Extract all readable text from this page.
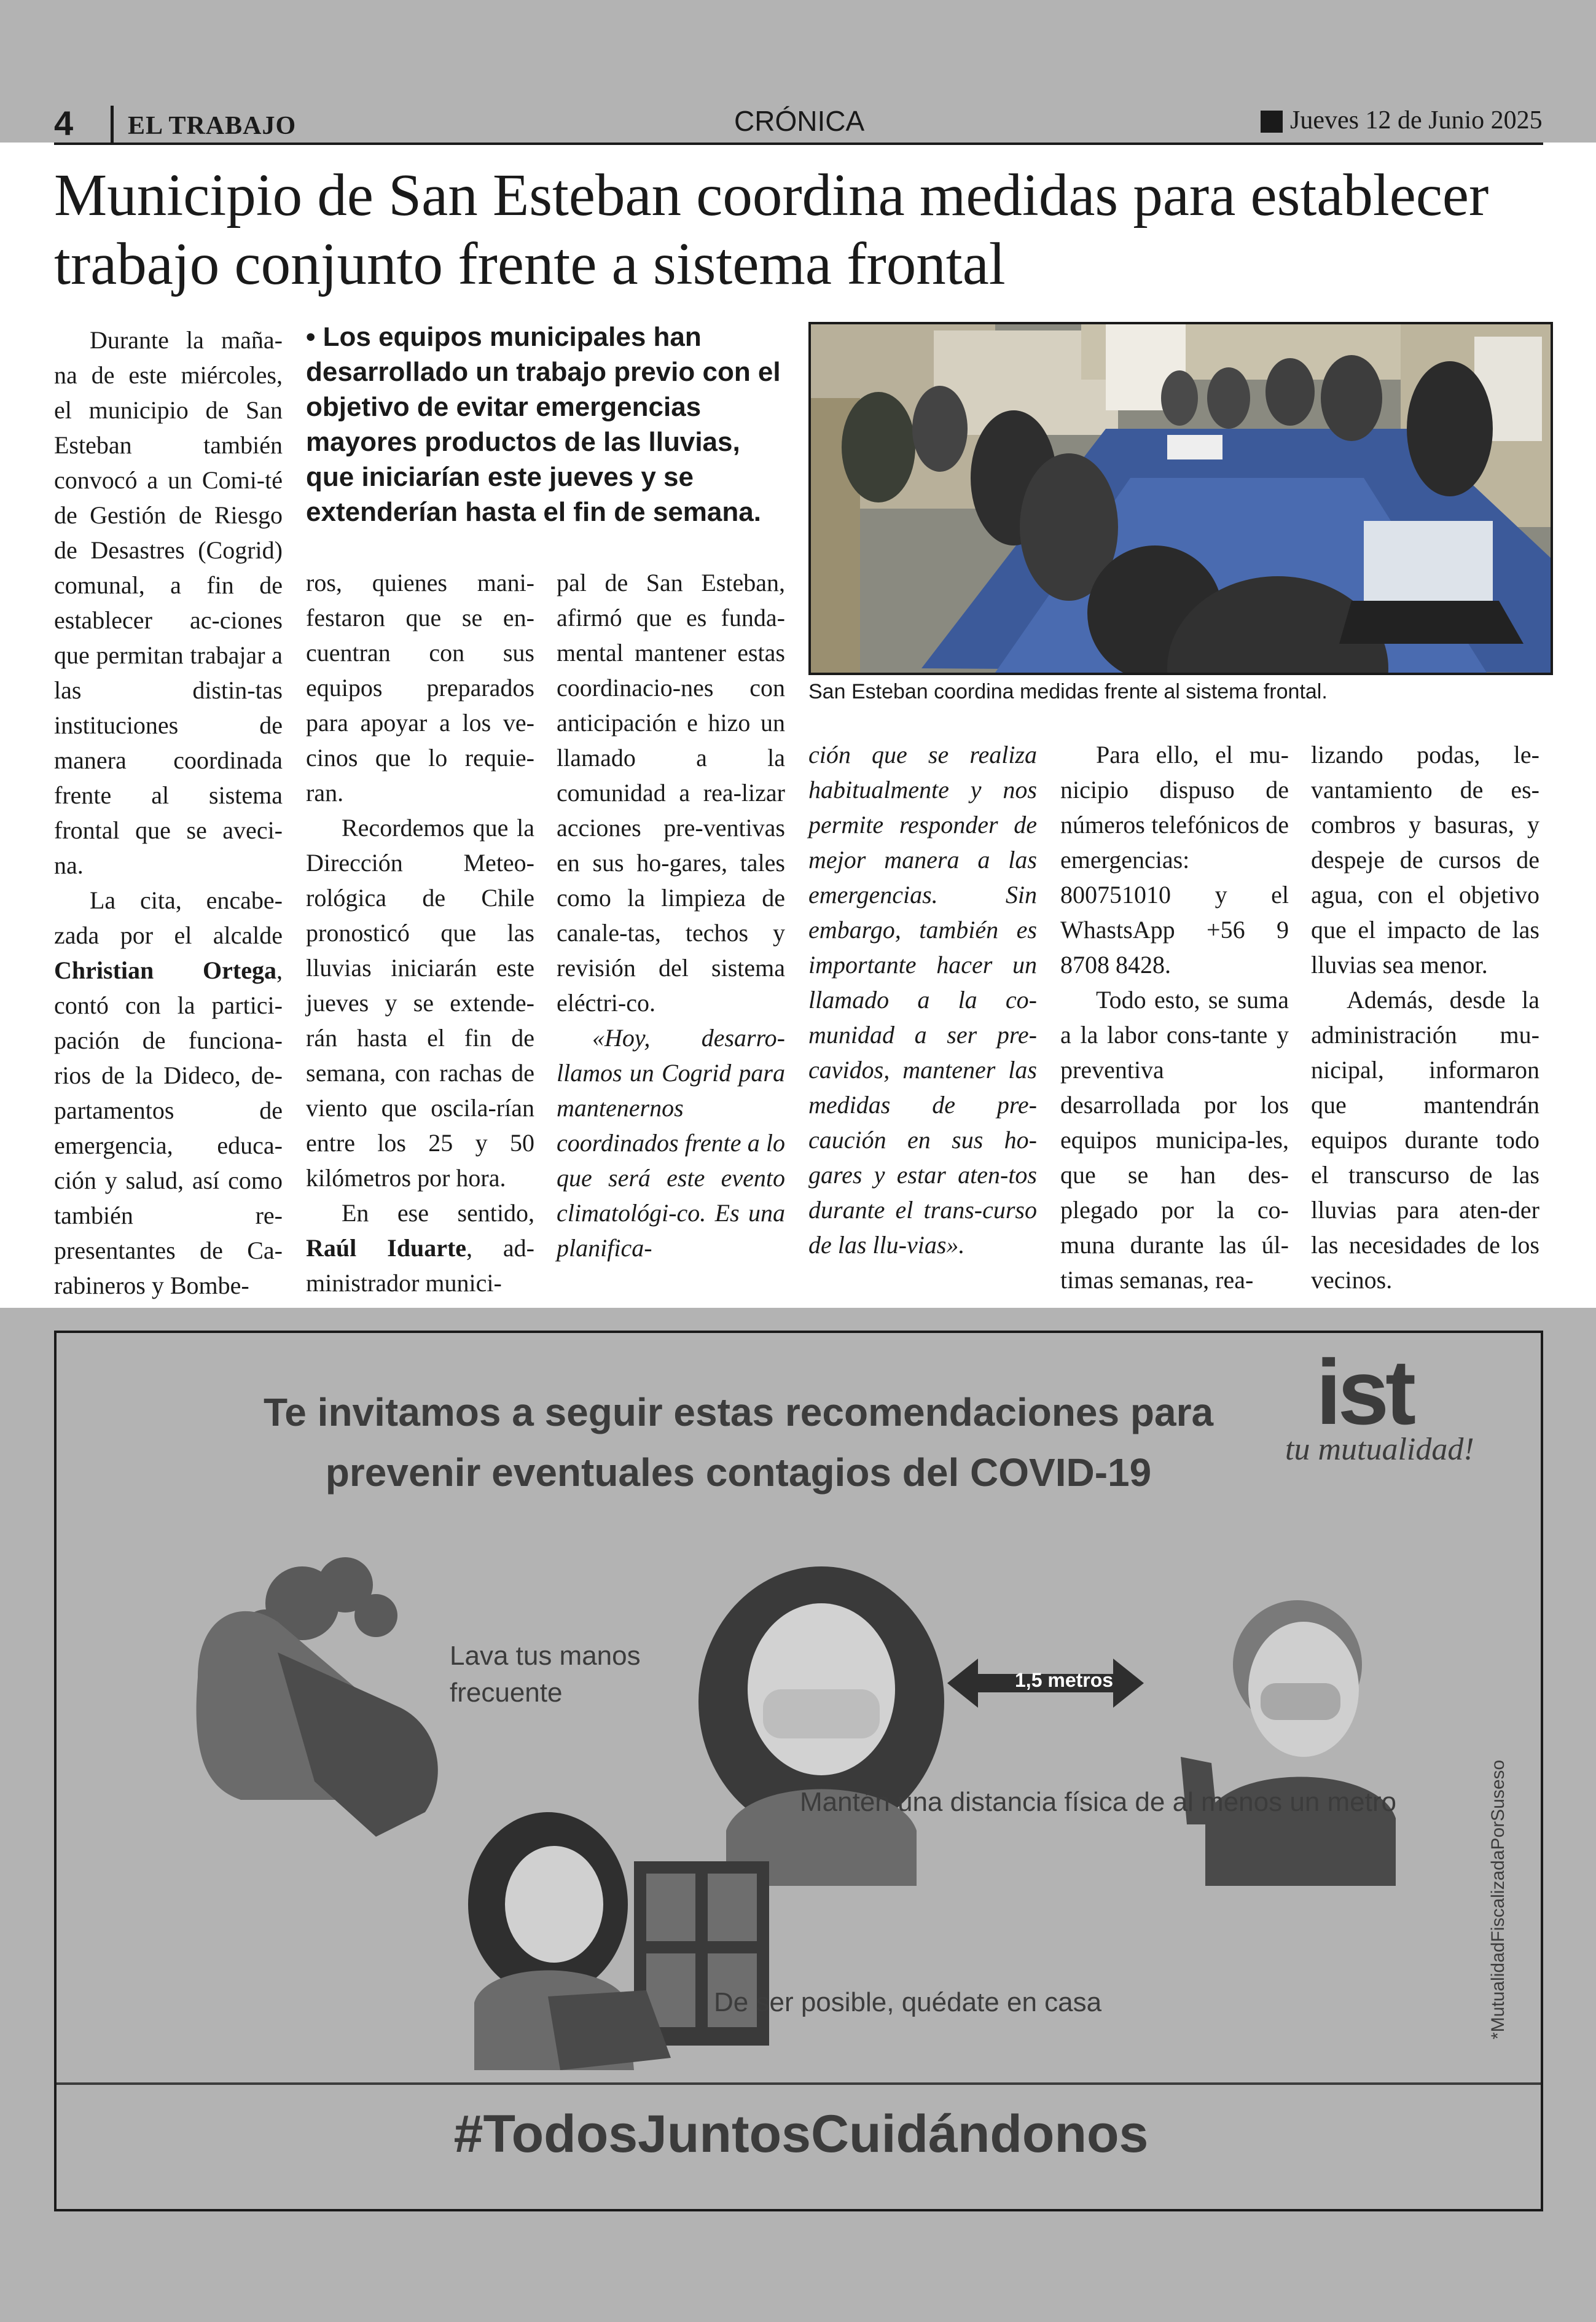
4 EL TRABAJO	CRÓNICA	Jueves 12 de Junio 2025
Municipio de San Esteban coordina medidas para establecer trabajo conjunto frente a sistema frontal
• Los equipos municipales han desarrollado un trabajo previo con el objetivo de evitar emergencias mayores productos de las lluvias, que iniciarían este jueves y se extenderían hasta el fin de semana.

Durante la maña-na de este miércoles, el municipio de San Esteban también convocó a un Comi-té de Gestión de Riesgo de Desastres (Cogrid) comunal, a fin de establecer ac-ciones que permitan trabajar a las distin-tas instituciones de manera coordinada frente al sistema frontal que se aveci-na.

La cita, encabe-zada por el alcalde Christian Ortega, contó con la partici-pación de funciona-rios de la Dideco, de-partamentos de emergencia, educa-ción y salud, así como también re-presentantes de Ca-rabineros y Bombe-

ros, quienes mani-festaron que se en-cuentran con sus equipos preparados para apoyar a los ve-cinos que lo requie-ran.

Recordemos que la Dirección Meteo-rológica de Chile pronosticó que las lluvias iniciarán este jueves y se extende-rán hasta el fin de semana, con rachas de viento que oscila-rían entre los 25 y 50 kilómetros por hora.

En ese sentido, Raúl Iduarte, ad-ministrador munici-

pal de San Esteban, afirmó que es funda-mental mantener estas coordinacio-nes con anticipación e hizo un llamado a la comunidad a rea-lizar acciones pre-ventivas en sus ho-gares, tales como la limpieza de canale-tas, techos y revisión del sistema eléctri-co.

«Hoy, desarro-llamos un Cogrid para mantenernos coordinados frente a lo que será este evento climatológi-co. Es una planifica-

San Esteban coordina medidas frente al sistema frontal.

ción que se realiza habitualmente y nos permite responder de mejor manera a las emergencias. Sin embargo, también es importante hacer un llamado a la co-munidad a ser pre-cavidos, mantener las medidas de pre-caución en sus ho-gares y estar aten-tos durante el trans-curso de las llu-vias».

Para ello, el mu-nicipio dispuso de números telefónicos de emergencias: 800751010 y el WhastsApp +56 9 8708 8428.

Todo esto, se suma a la labor cons-tante y preventiva desarrollada por los equipos municipa-les, que se han des-plegado por la co-muna durante las úl-timas semanas, rea-

lizando podas, le-vantamiento de es-combros y basuras, y despeje de cursos de agua, con el objetivo que el impacto de las lluvias sea menor.

Además, desde la administración mu-nicipal, informaron que mantendrán equipos durante todo el transcurso de las lluvias para aten-der las necesidades de los vecinos.

Te invitamos a seguir estas recomendaciones para
prevenir eventuales contagios del COVID-19
ist
tu mutualidad!
Lava tus manos frecuente	1,5 metros
Mantén una distancia física de al menos un metro
De ser posible, quédate en casa	*MutualidadFiscalizadaPorSuseso
#TodosJuntosCuidándonos
